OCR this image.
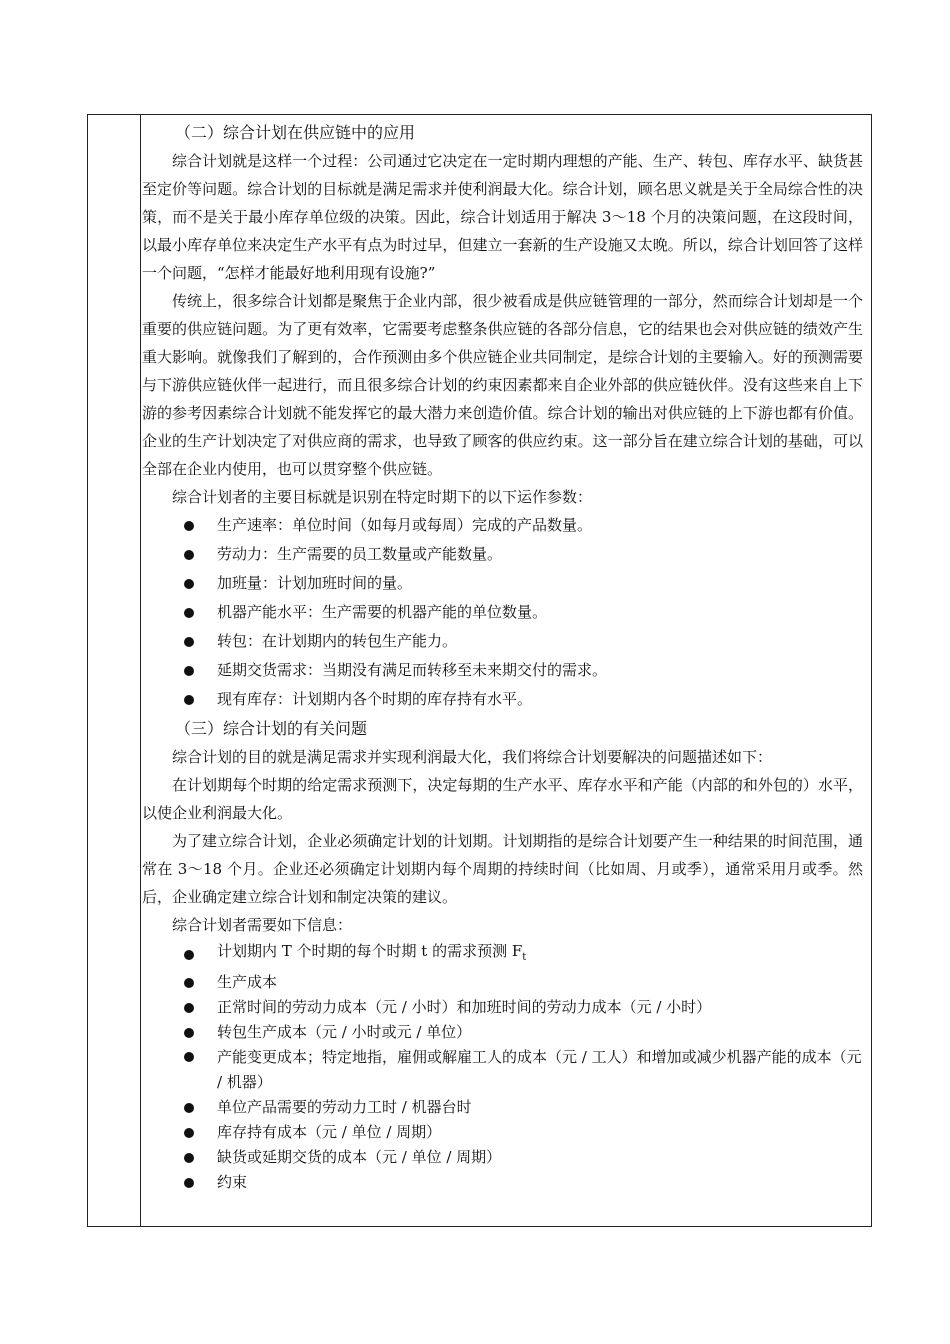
（二）综合计划在供应链中的应用

综合计划就是这样一个过程：公司通过它决定在一定时期内理想的产能、生产、转包、库存水平、缺货甚至定价等问题。综合计划的目标就是满足需求并使利润最大化。综合计划，顾名思义就是关于全局综合性的决策，而不是关于最小库存单位级的决策。因此，综合计划适用于解决 3～18 个月的决策问题，在这段时间，以最小库存单位来决定生产水平有点为时过早，但建立一套新的生产设施又太晚。所以，综合计划回答了这样一个问题，“怎样才能最好地利用现有设施?”

传统上，很多综合计划都是聚焦于企业内部，很少被看成是供应链管理的一部分，然而综合计划却是一个重要的供应链问题。为了更有效率，它需要考虑整条供应链的各部分信息，它的结果也会对供应链的绩效产生重大影响。就像我们了解到的，合作预测由多个供应链企业共同制定，是综合计划的主要输入。好的预测需要与下游供应链伙伴一起进行，而且很多综合计划的约束因素都来自企业外部的供应链伙伴。没有这些来自上下游的参考因素综合计划就不能发挥它的最大潜力来创造价值。综合计划的输出对供应链的上下游也都有价值。企业的生产计划决定了对供应商的需求，也导致了顾客的供应约束。这一部分旨在建立综合计划的基础，可以全部在企业内使用，也可以贯穿整个供应链。

综合计划者的主要目标就是识别在特定时期下的以下运作参数：

生产速率：单位时间（如每月或每周）完成的产品数量。
劳动力：生产需要的员工数量或产能数量。
加班量：计划加班时间的量。
机器产能水平：生产需要的机器产能的单位数量。
转包：在计划期内的转包生产能力。
延期交货需求：当期没有满足而转移至未来期交付的需求。
现有库存：计划期内各个时期的库存持有水平。
（三）综合计划的有关问题

综合计划的目的就是满足需求并实现利润最大化，我们将综合计划要解决的问题描述如下：

在计划期每个时期的给定需求预测下，决定每期的生产水平、库存水平和产能（内部的和外包的）水平，以使企业利润最大化。

为了建立综合计划，企业必须确定计划的计划期。计划期指的是综合计划要产生一种结果的时间范围，通常在 3～18 个月。企业还必须确定计划期内每个周期的持续时间（比如周、月或季），通常采用月或季。然后，企业确定建立综合计划和制定决策的建议。

综合计划者需要如下信息：

计划期内 T 个时期的每个时期 t 的需求预测 $F_t$
生产成本
正常时间的劳动力成本（元 / 小时）和加班时间的劳动力成本（元 / 小时）
转包生产成本（元 / 小时或元 / 单位）
产能变更成本；特定地指，雇佣或解雇工人的成本（元 / 工人）和增加或减少机器产能的成本（元 / 机器）
单位产品需要的劳动力工时 / 机器台时
库存持有成本（元 / 单位 / 周期）
缺货或延期交货的成本（元 / 单位 / 周期）
约束
